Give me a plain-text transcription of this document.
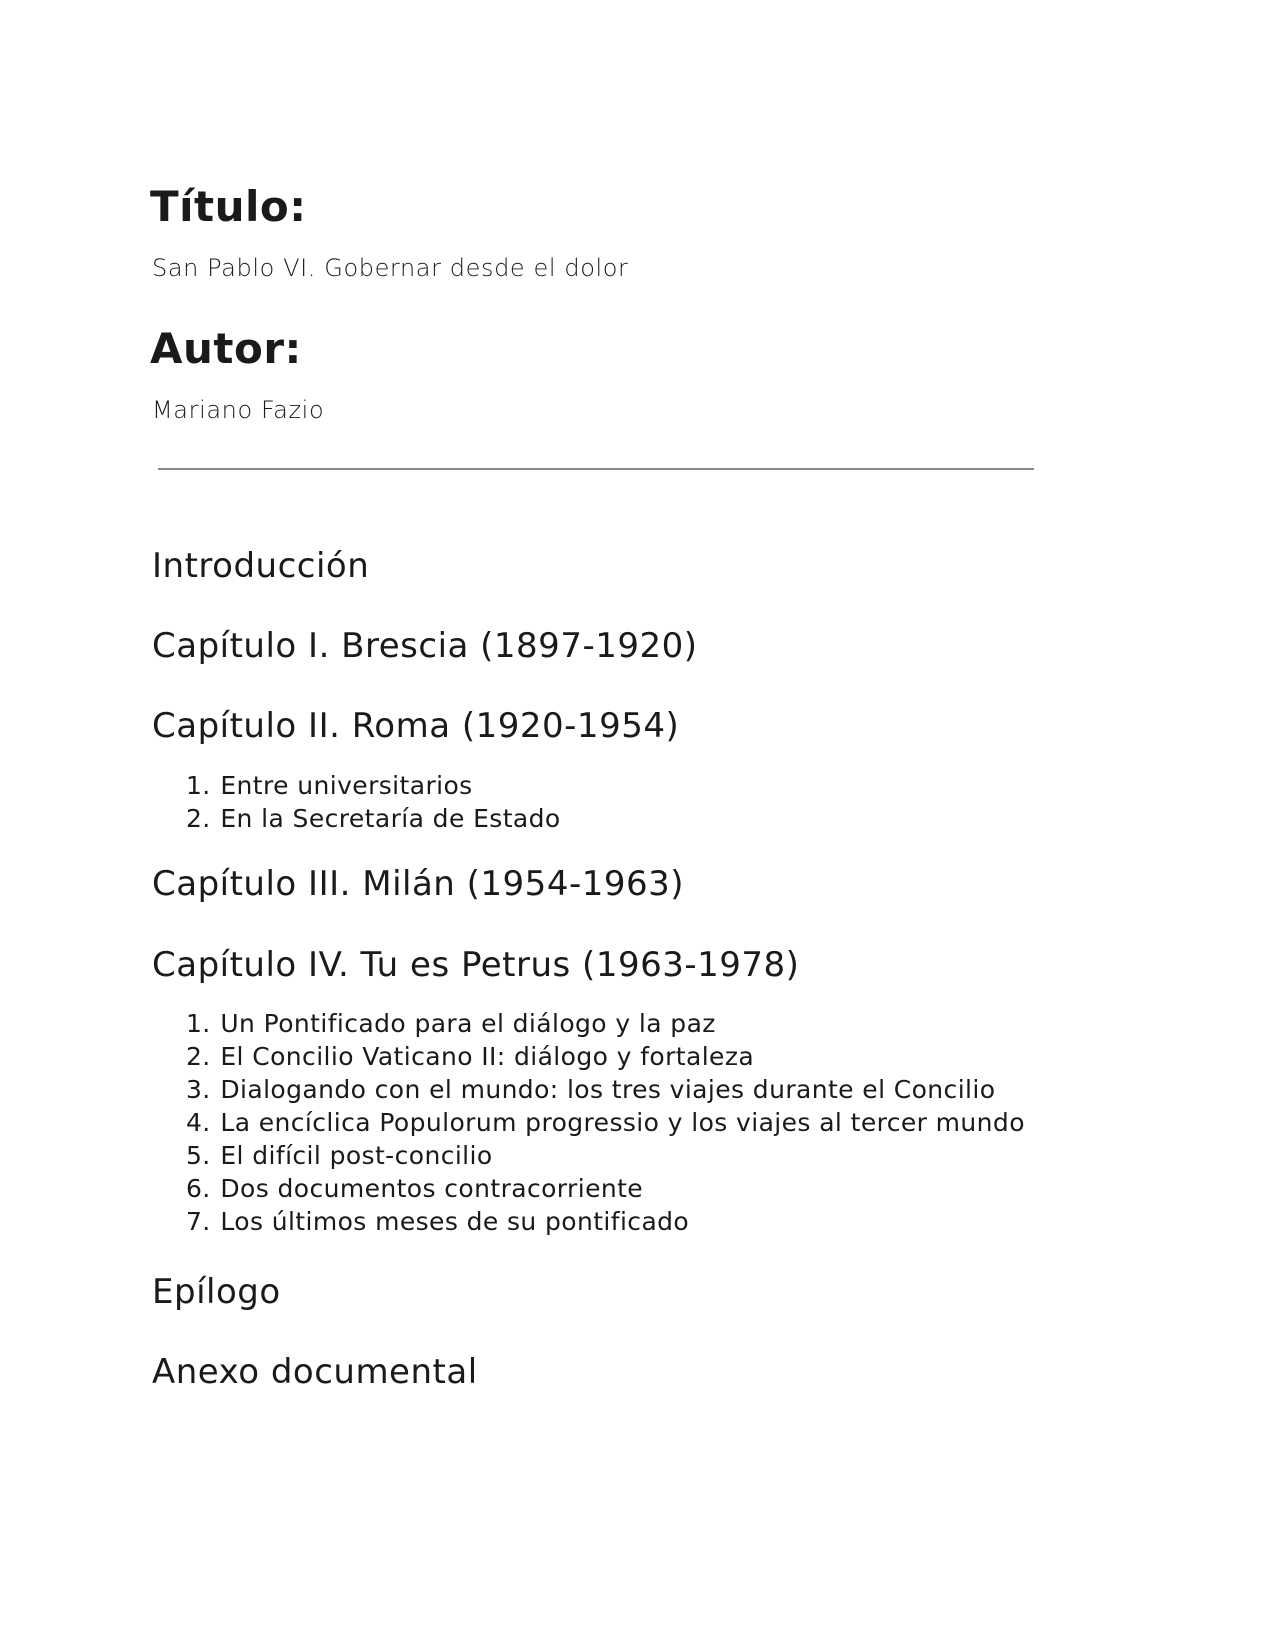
Título:

San Pablo VI. Gobernar desde el dolor

Autor:

Mariano Fazio

Introducción
Capítulo I. Brescia (1897-1920)
Capítulo II. Roma (1920-1954)
1. Entre universitarios
2. En la Secretaría de Estado
Capítulo III. Milán (1954-1963)
Capítulo IV. Tu es Petrus (1963-1978)
1. Un Pontificado para el diálogo y la paz
2. El Concilio Vaticano II: diálogo y fortaleza
3. Dialogando con el mundo: los tres viajes durante el Concilio
4. La encíclica Populorum progressio y los viajes al tercer mundo
5. El difícil post-concilio
6. Dos documentos contracorriente
7. Los últimos meses de su pontificado
Epílogo
Anexo documental
